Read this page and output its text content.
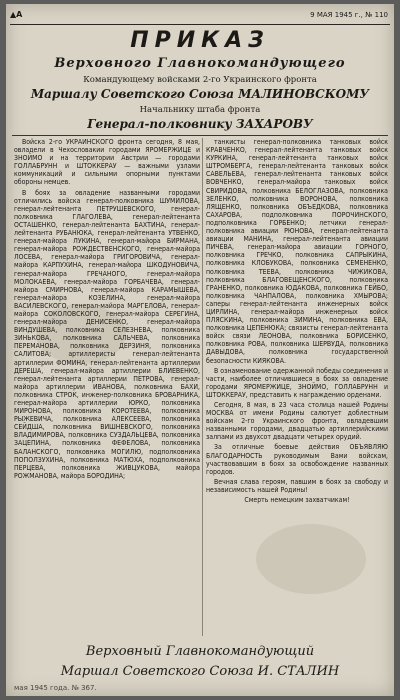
▲А	9 МАЯ 1945 г., № 110
ПРИКАЗ
Верховного Главнокомандующего
Командующему войсками 2-го Украинского фронта
Маршалу Советского Союза МАЛИНОВСКОМУ
Начальнику штаба фронта
Генерал-полковнику ЗАХАРОВУ

Войска 2-го УКРАИНСКОГО фронта сегодня, 8 мая, овладели в Чехословакии городами ЯРОМЕРЖИЦЕ и ЗНОЙМО и на территории Австрии — городами ГОЛЛАБРУНН и ШТОККЕРАУ — важными узлами коммуникаций и сильными опорными пунктами обороны немцев.

В боях за овладение названными городами отличились войска генерал-полковника ШУМИЛОВА, генерал-лейтенанта ПЕТРУШЕВСКОГО, генерал-полковника ГЛАГОЛЕВА, генерал-лейтенанта ОСТАШЕНКО, генерал-лейтенанта БАХТИНА, генерал-лейтенанта РУБАНЮКА, генерал-лейтенанта УТВЕНКО, генерал-майора ЛУКИНА, генерал-майора БИРМАНА, генерал-майора РОЖДЕСТВЕНСКОГО, генерал-майора ЛОСЕВА, генерал-майора ГРИГОРОВИЧА, генерал-майора КАРПУХИНА, генерал-майора ШКОДУНОВИЧА, генерал-майора ГРЕЧАНОГО, генерал-майора МОЛОКАЕВА, генерал-майора ГОРБАЧЕВА, генерал-майора СМИРНОВА, генерал-майора КАРАМЫШЕВА, генерал-майора КОЗЕЛИНА, генерал-майора ВАСИЛЕВСКОГО, генерал-майора МАРГЕЛОВА, генерал-майора СОКОЛОВСКОГО, генерал-майора СЕРЕГИНА, генерал-майора ДЕНИСЕНКО, генерал-майора ВИНДУШЕВА, полковника СЕЛЕЗНЕВА, полковника ЗИНЬКОВА, полковника САЛЬЧЕВА, полковника ПЕРЕМАНОВА, полковника ДЕРЗИНЯ, полковника САЛИТОВА; артиллеристы генерал-лейтенанта артиллерии ФОМИНА, генерал-лейтенанта артиллерии ДЕРЕША, генерал-майора артиллерии БЛИЕВЕНКО, генерал-лейтенанта артиллерии ПЕТРОВА, генерал-майора артиллерии ИВАНОВА, полковника БАХИ, полковника СТРОК, инженер-полковника БРОВАРНИКА, генерал-майора артиллерии ЮРКО, полковника МИРОНОВА, полковника КОРОТЕЕВА, полковника РЫЖЕВИЧА, полковника АЛЕКСЕЕВА, полковника СЕЙДША, полковника ВИШНЕВСКОГО, полковника ВЛАДИМИРОВА, полковника СУЗДАЛЬЦЕВА, полковника ЗАЦЕПИНА, полковника ФЕФЕЛОВА, полковника БАЛАНСКОГО, полковника МОГИЛЮ, подполковника ПОПОЛЗУХИНА, полковника МАТЮХА, подполковника ПЕРЦЕВА, полковника ЖИВЦУКОВА, майора РОЖМАНОВА, майора БОРОДИНА;

танкисты генерал-полковника танковых войск КРАВЧЕНКО, генерал-лейтенанта танковых войск КУРКИНА, генерал-лейтенанта танковых войск ШТРОМБЕРГА, генерал-лейтенанта танковых войск САВЕЛЬЕВА, генерал-лейтенанта танковых войск ВОВЧЕНКО, генерал-майора танковых войск СВИРИДОВА, полковника БЕЛОГЛАЗОВА, полковника ЗЕЛЕНКО, полковника ВОРОНОВА, полковника ЛЯЩЕНКО, полковника ОБЪЕДКОВА, полковника САХАРОВА, подполковника ПОРОЧИНСКОГО, подполковника ГОРБЕНКО; летчики генерал-полковника авиации РЮНОВА, генерал-лейтенанта авиации МАНИНА, генерал-лейтенанта авиации ПИЧЕВА, генерал-майора авиации ГОРНОГО, полковника ГРЕЧКО, полковника САПРЫКИНА, полковника КЛОБУКОВА, полковника СЕМЕНЕНКО, полковника ТЕЕВА, полковника ЧИЖИКОВА, полковника БЛАГОВЕЩЕНСКОГО, полковника ГРАНЕНКО, полковника ЮДАКОВА, полковника ГЕЙБО, полковника ЧАНПАЛОВА, полковника ХМЫРОВА; саперы генерал-лейтенанта инженерных войск ЦИРЛИНА, генерал-майора инженерных войск ПЛЯСКИНА, полковника ЗИМИНА, полковника ЕВА, полковника ЦЕПЕНЮКА; связисты генерал-лейтенанта войск связи ЛЕОНОВА, полковника БОРИСЕНКО, полковника РОВА, полковника ШЕРВУДА, полковника ДАВЫДОВА, полковника государственной безопасности КИЯКОВА.

В ознаменование одержанной победы соединения и части, наиболее отличившиеся в боях за овладение городами ЯРОМЕРЖИЦЕ, ЗНОЙМО, ГОЛЛАБРУНН и ШТОККЕРАУ, представить к награждению орденами.

Сегодня, 8 мая, в 23 часа столица нашей Родины МОСКВА от имени Родины салютует доблестным войскам 2-го Украинского фронта, овладевшим названными городами, двадцатью артиллерийскими залпами из двухсот двадцати четырех орудий.

За отличные боевые действия ОБЪЯВЛЯЮ БЛАГОДАРНОСТЬ руководимым Вами войскам, участвовавшим в боях за освобождение названных городов.

Вечная слава героям, павшим в боях за свободу и независимость нашей Родины!

Смерть немецким захватчикам!

Верховный Главнокомандующий
Маршал Советского Союза И. СТАЛИН
мая 1945 года. № 367.
